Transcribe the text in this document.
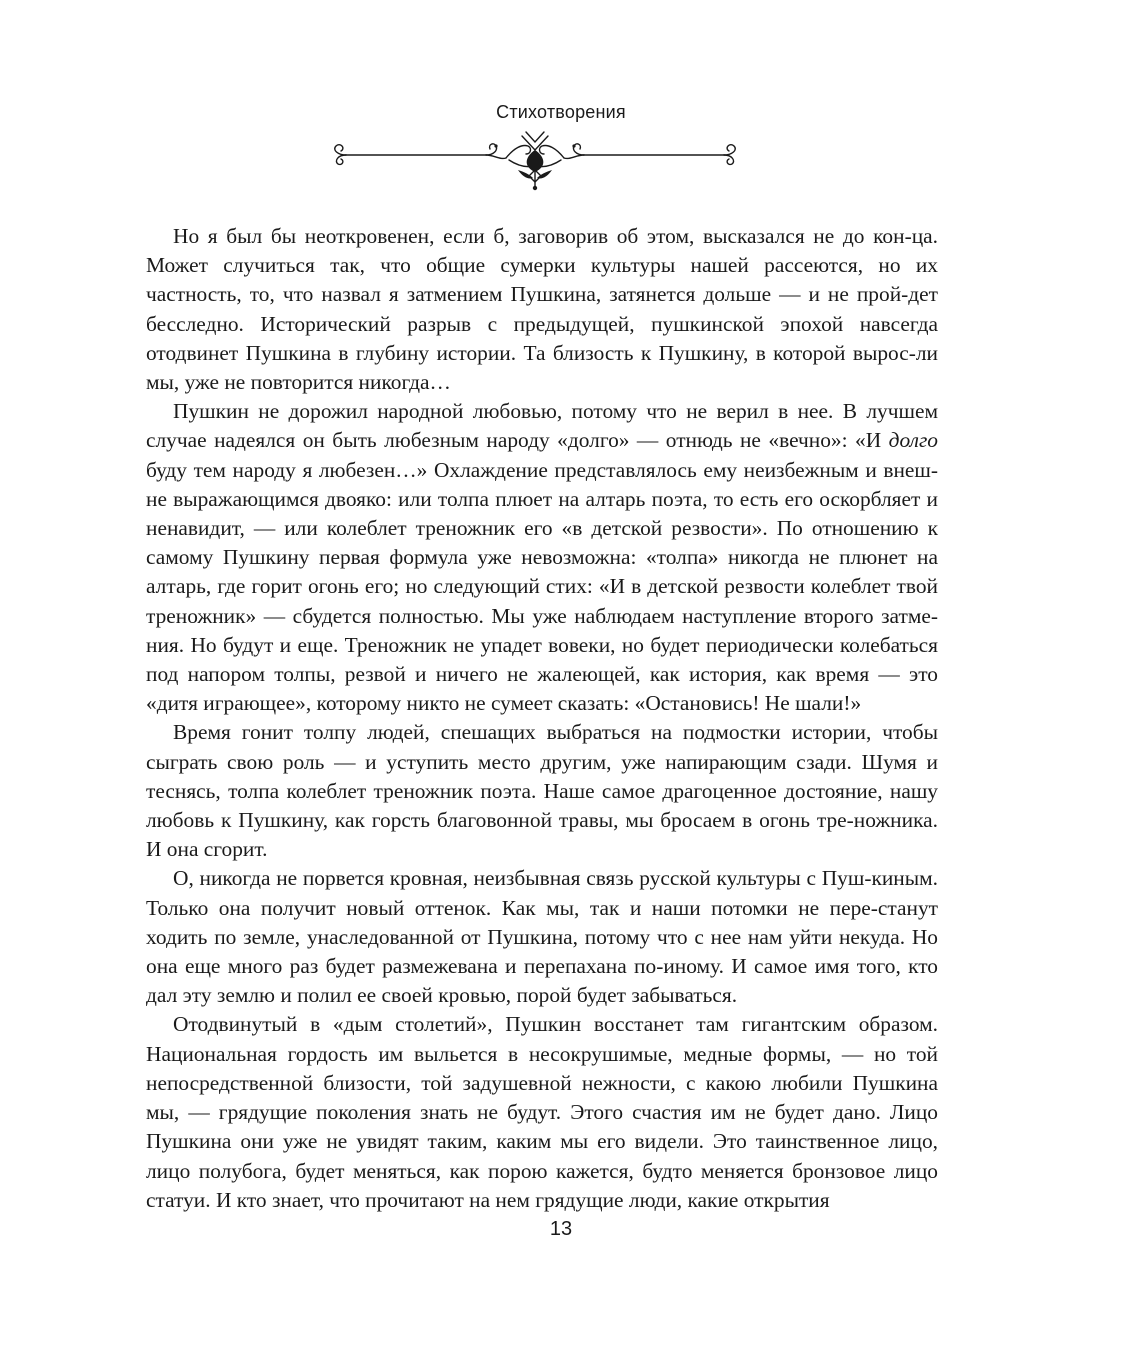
Стихотворения

Но я был бы неоткровенен, если б, заговорив об этом, высказался не до кон-ца. Может случиться так, что общие сумерки культуры нашей рассеются, но их частность, то, что назвал я затмением Пушкина, затянется дольше — и не прой-дет бесследно. Исторический разрыв с предыдущей, пушкинской эпохой навсегда отодвинет Пушкина в глубину истории. Та близость к Пушкину, в которой вырос-ли мы, уже не повторится никогда…

Пушкин не дорожил народной любовью, потому что не верил в нее. В лучшем случае надеялся он быть любезным народу «долго» — отнюдь не «вечно»: «И долго буду тем народу я любезен…» Охлаждение представлялось ему неизбежным и внеш-не выражающимся двояко: или толпа плюет на алтарь поэта, то есть его оскорбляет и ненавидит, — или колеблет треножник его «в детской резвости». По отношению к самому Пушкину первая формула уже невозможна: «толпа» никогда не плюнет на алтарь, где горит огонь его; но следующий стих: «И в детской резвости колеблет твой треножник» — сбудется полностью. Мы уже наблюдаем наступление второго затме-ния. Но будут и еще. Треножник не упадет вовеки, но будет периодически колебаться под напором толпы, резвой и ничего не жалеющей, как история, как время — это «дитя играющее», которому никто не сумеет сказать: «Остановись! Не шали!»

Время гонит толпу людей, спешащих выбраться на подмостки истории, чтобы сыграть свою роль — и уступить место другим, уже напирающим сзади. Шумя и теснясь, толпа колеблет треножник поэта. Наше самое драгоценное достояние, нашу любовь к Пушкину, как горсть благовонной травы, мы бросаем в огонь тре-ножника. И она сгорит.

О, никогда не порвется кровная, неизбывная связь русской культуры с Пуш-киным. Только она получит новый оттенок. Как мы, так и наши потомки не пере-станут ходить по земле, унаследованной от Пушкина, потому что с нее нам уйти некуда. Но она еще много раз будет размежевана и перепахана по-иному. И самое имя того, кто дал эту землю и полил ее своей кровью, порой будет забываться.

Отодвинутый в «дым столетий», Пушкин восстанет там гигантским образом. Национальная гордость им выльется в несокрушимые, медные формы, — но той непосредственной близости, той задушевной нежности, с какою любили Пушкина мы, — грядущие поколения знать не будут. Этого счастия им не будет дано. Лицо Пушкина они уже не увидят таким, каким мы его видели. Это таинственное лицо, лицо полубога, будет меняться, как порою кажется, будто меняется бронзовое лицо статуи. И кто знает, что прочитают на нем грядущие люди, какие открытия

13
